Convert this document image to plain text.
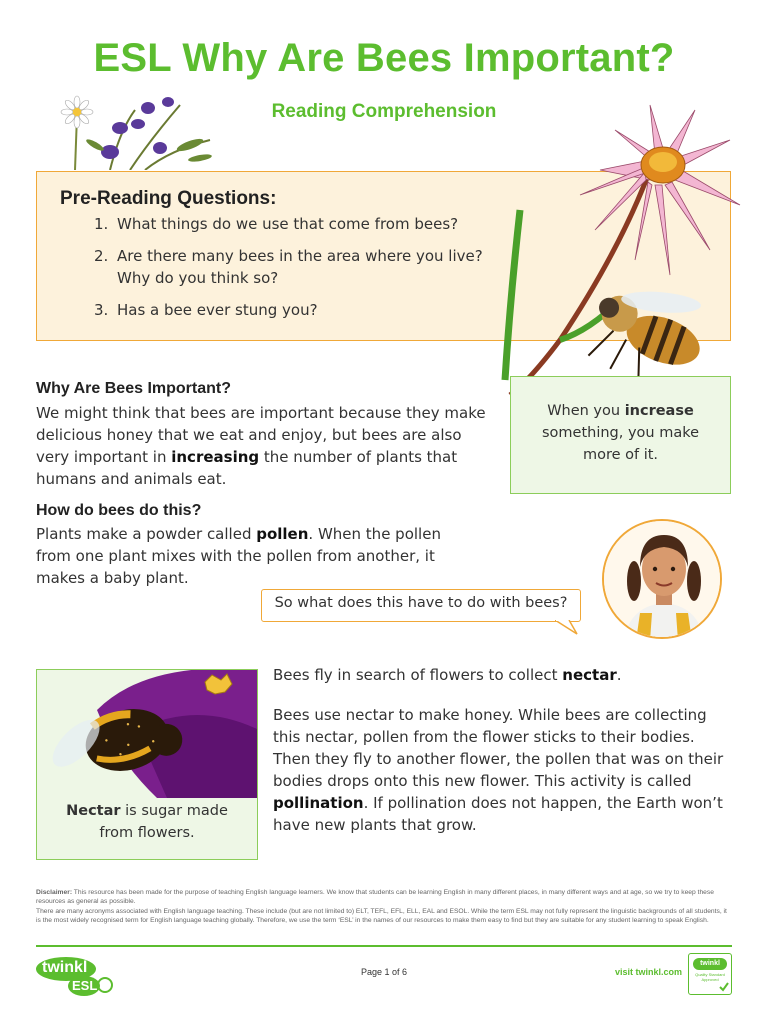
ESL Why Are Bees Important?
Reading Comprehension
Pre-Reading Questions:
1. What things do we use that come from bees?
2. Are there many bees in the area where you live? Why do you think so?
3. Has a bee ever stung you?
Why Are Bees Important?
We might think that bees are important because they make delicious honey that we eat and enjoy, but bees are also very important in increasing the number of plants that humans and animals eat.
When you increase something, you make more of it.
How do bees do this?
Plants make a powder called pollen. When the pollen from one plant mixes with the pollen from another, it makes a baby plant.
So what does this have to do with bees?
Nectar is sugar made from flowers.
Bees fly in search of flowers to collect nectar.
Bees use nectar to make honey. While bees are collecting this nectar, pollen from the flower sticks to their bodies. Then they fly to another flower, the pollen that was on their bodies drops onto this new flower. This activity is called pollination. If pollination does not happen, the Earth won’t have new plants that grow.
Disclaimer: This resource has been made for the purpose of teaching English language learners. We know that students can be learning English in many different places, in many different ways and at age, so we try to keep these resources as general as possible.
There are many acronyms associated with English language teaching. These include (but are not limited to) ELT, TEFL, EFL, ELL, EAL and ESOL. While the term ESL may not fully represent the linguistic backgrounds of all students, it is the most widely recognised term for English language teaching globally. Therefore, we use the term ‘ESL’ in the names of our resources to make them easy to find but they are suitable for any student learning to speak English.
twinkl
ESL
Page 1 of 6	visit twinkl.com
twinkl
Quality Standard Approved
